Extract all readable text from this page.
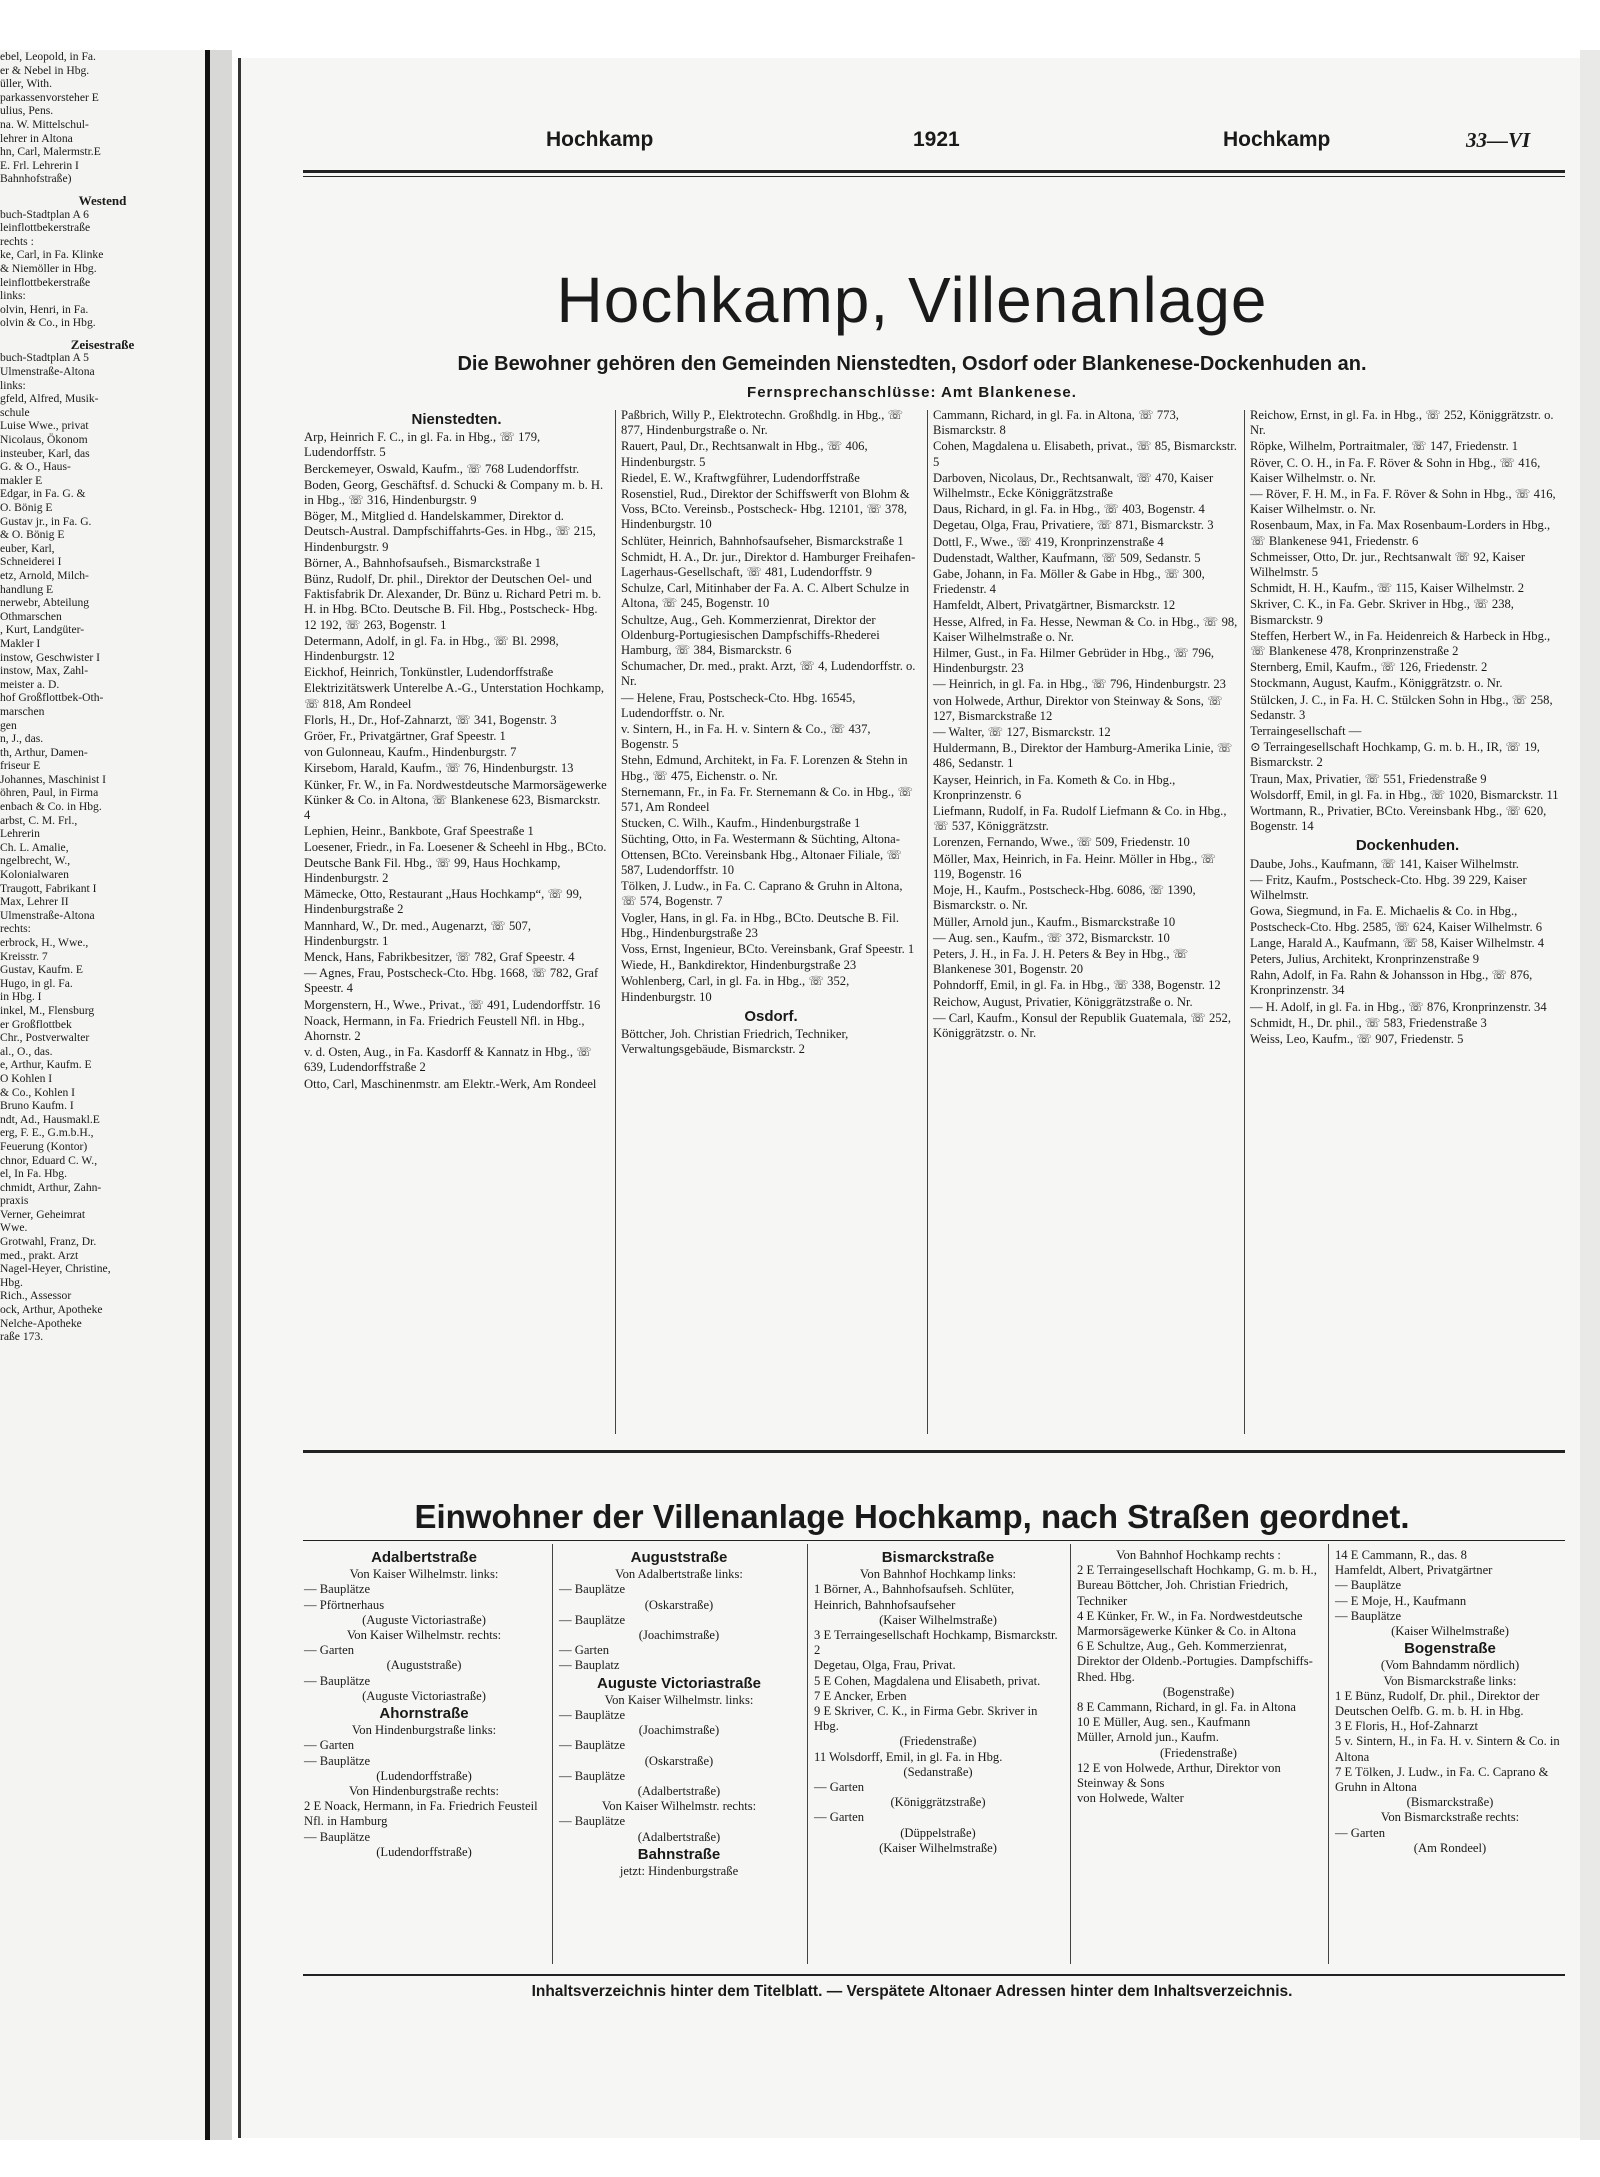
ebel, Leopold, in Fa.
er & Nebel in Hbg.
üller, With.
parkassenvorsteher E
ulius, Pens.
na. W. Mittelschul-
lehrer in Altona
hn, Carl, Malermstr.E
E. Frl. Lehrerin I
Bahnhofstraße)
Westend
buch-Stadtplan A 6
leinflottbekerstraße
rechts :
ke, Carl, in Fa. Klinke
& Niemöller in Hbg.
leinflottbekerstraße
links:
olvin, Henri, in Fa.
olvin & Co., in Hbg.
Zeisestraße
buch-Stadtplan A 5
Ulmenstraße-Altona
links:
gfeld, Alfred, Musik-
schule
Luise Wwe., privat
Nicolaus, Ökonom
insteuber, Karl, das
G. & O., Haus-
makler E
Edgar, in Fa. G. &
O. Bönig E
Gustav jr., in Fa. G.
& O. Bönig E
euber, Karl,
Schneiderei I
etz, Arnold, Milch-
handlung E
nerwebr, Abteilung
Othmarschen
, Kurt, Landgüter-
Makler I
instow, Geschwister I
instow, Max, Zahl-
meister a. D.
hof Großflottbek-Oth-
marschen
gen
n, J., das.
th, Arthur, Damen-
friseur E
Johannes, Maschinist I
öhren, Paul, in Firma
enbach & Co. in Hbg.
arbst, C. M. Frl.,
Lehrerin
Ch. L. Amalie,
ngelbrecht, W.,
Kolonialwaren
Traugott, Fabrikant I
Max, Lehrer II
Ulmenstraße-Altona
rechts:
erbrock, H., Wwe.,
Kreisstr. 7
Gustav, Kaufm. E
Hugo, in gl. Fa.
in Hbg. I
inkel, M., Flensburg
er Großflottbek
Chr., Postverwalter
al., O., das.
e, Arthur, Kaufm. E
O Kohlen I
& Co., Kohlen I
Bruno Kaufm. I
ndt, Ad., Hausmakl.E
erg, F. E., G.m.b.H.,
Feuerung (Kontor)
chnor, Eduard C. W.,
el, In Fa. Hbg.
chmidt, Arthur, Zahn-
praxis
Verner, Geheimrat
Wwe.
Grotwahl, Franz, Dr.
med., prakt. Arzt
Nagel-Heyer, Christine,
Hbg.
Rich., Assessor
ock, Arthur, Apotheke
Nelche-Apotheke
raße 173.
Hochkamp	1921	Hochkamp	33—VI
Hochkamp, Villenanlage
Die Bewohner gehören den Gemeinden Nienstedten, Osdorf oder Blankenese-Dockenhuden an.
Fernsprechanschlüsse: Amt Blankenese.
Nienstedten.
Arp, Heinrich F. C., in gl. Fa. in Hbg., ☏ 179, Ludendorffstr. 5
Berckemeyer, Oswald, Kaufm., ☏ 768 Ludendorffstr.
Boden, Georg, Geschäftsf. d. Schucki & Company m. b. H. in Hbg., ☏ 316, Hindenburgstr. 9
Böger, M., Mitglied d. Handelskammer, Direktor d. Deutsch-Austral. Dampfschiffahrts-Ges. in Hbg., ☏ 215, Hindenburgstr. 9
Börner, A., Bahnhofsaufseh., Bismarckstraße 1
Bünz, Rudolf, Dr. phil., Direktor der Deutschen Oel- und Faktisfabrik Dr. Alexander, Dr. Bünz u. Richard Petri m. b. H. in Hbg. BCto. Deutsche B. Fil. Hbg., Postscheck- Hbg. 12 192, ☏ 263, Bogenstr. 1
Determann, Adolf, in gl. Fa. in Hbg., ☏ Bl. 2998, Hindenburgstr. 12
Eickhof, Heinrich, Tonkünstler, Ludendorffstraße
Elektrizitätswerk Unterelbe A.-G., Unterstation Hochkamp, ☏ 818, Am Rondeel
Florls, H., Dr., Hof-Zahnarzt, ☏ 341, Bogenstr. 3
Gröer, Fr., Privatgärtner, Graf Speestr. 1
von Gulonneau, Kaufm., Hindenburgstr. 7
Kirsebom, Harald, Kaufm., ☏ 76, Hindenburgstr. 13
Künker, Fr. W., in Fa. Nordwestdeutsche Marmorsägewerke Künker & Co. in Altona, ☏ Blankenese 623, Bismarckstr. 4
Lephien, Heinr., Bankbote, Graf Speestraße 1
Loesener, Friedr., in Fa. Loesener & Scheehl in Hbg., BCto. Deutsche Bank Fil. Hbg., ☏ 99, Haus Hochkamp, Hindenburgstr. 2
Mämecke, Otto, Restaurant „Haus Hochkamp“, ☏ 99, Hindenburgstraße 2
Mannhard, W., Dr. med., Augenarzt, ☏ 507, Hindenburgstr. 1
Menck, Hans, Fabrikbesitzer, ☏ 782, Graf Speestr. 4
— Agnes, Frau, Postscheck-Cto. Hbg. 1668, ☏ 782, Graf Speestr. 4
Morgenstern, H., Wwe., Privat., ☏ 491, Ludendorffstr. 16
Noack, Hermann, in Fa. Friedrich Feustell Nfl. in Hbg., Ahornstr. 2
v. d. Osten, Aug., in Fa. Kasdorff & Kannatz in Hbg., ☏ 639, Ludendorffstraße 2
Otto, Carl, Maschinenmstr. am Elektr.-Werk, Am Rondeel
Paßbrich, Willy P., Elektrotechn. Großhdlg. in Hbg., ☏ 877, Hindenburgstraße o. Nr.
Rauert, Paul, Dr., Rechtsanwalt in Hbg., ☏ 406, Hindenburgstr. 5
Riedel, E. W., Kraftwgführer, Ludendorffstraße
Rosenstiel, Rud., Direktor der Schiffswerft von Blohm & Voss, BCto. Vereinsb., Postscheck- Hbg. 12101, ☏ 378, Hindenburgstr. 10
Schlüter, Heinrich, Bahnhofsaufseher, Bismarckstraße 1
Schmidt, H. A., Dr. jur., Direktor d. Hamburger Freihafen-Lagerhaus-Gesellschaft, ☏ 481, Ludendorffstr. 9
Schulze, Carl, Mitinhaber der Fa. A. C. Albert Schulze in Altona, ☏ 245, Bogenstr. 10
Schultze, Aug., Geh. Kommerzienrat, Direktor der Oldenburg-Portugiesischen Dampfschiffs-Rhederei Hamburg, ☏ 384, Bismarckstr. 6
Schumacher, Dr. med., prakt. Arzt, ☏ 4, Ludendorffstr. o. Nr.
— Helene, Frau, Postscheck-Cto. Hbg. 16545, Ludendorffstr. o. Nr.
v. Sintern, H., in Fa. H. v. Sintern & Co., ☏ 437, Bogenstr. 5
Stehn, Edmund, Architekt, in Fa. F. Lorenzen & Stehn in Hbg., ☏ 475, Eichenstr. o. Nr.
Sternemann, Fr., in Fa. Fr. Sternemann & Co. in Hbg., ☏ 571, Am Rondeel
Stucken, C. Wilh., Kaufm., Hindenburgstraße 1
Süchting, Otto, in Fa. Westermann & Süchting, Altona-Ottensen, BCto. Vereinsbank Hbg., Altonaer Filiale, ☏ 587, Ludendorffstr. 10
Tölken, J. Ludw., in Fa. C. Caprano & Gruhn in Altona, ☏ 574, Bogenstr. 7
Vogler, Hans, in gl. Fa. in Hbg., BCto. Deutsche B. Fil. Hbg., Hindenburgstraße 23
Voss, Ernst, Ingenieur, BCto. Vereinsbank, Graf Speestr. 1
Wiede, H., Bankdirektor, Hindenburgstraße 23
Wohlenberg, Carl, in gl. Fa. in Hbg., ☏ 352, Hindenburgstr. 10
Osdorf.
Böttcher, Joh. Christian Friedrich, Techniker, Verwaltungsgebäude, Bismarckstr. 2
Cammann, Richard, in gl. Fa. in Altona, ☏ 773, Bismarckstr. 8
Cohen, Magdalena u. Elisabeth, privat., ☏ 85, Bismarckstr. 5
Darboven, Nicolaus, Dr., Rechtsanwalt, ☏ 470, Kaiser Wilhelmstr., Ecke Königgrätzstraße
Daus, Richard, in gl. Fa. in Hbg., ☏ 403, Bogenstr. 4
Degetau, Olga, Frau, Privatiere, ☏ 871, Bismarckstr. 3
Dottl, F., Wwe., ☏ 419, Kronprinzenstraße 4
Dudenstadt, Walther, Kaufmann, ☏ 509, Sedanstr. 5
Gabe, Johann, in Fa. Möller & Gabe in Hbg., ☏ 300, Friedenstr. 4
Hamfeldt, Albert, Privatgärtner, Bismarckstr. 12
Hesse, Alfred, in Fa. Hesse, Newman & Co. in Hbg., ☏ 98, Kaiser Wilhelmstraße o. Nr.
Hilmer, Gust., in Fa. Hilmer Gebrüder in Hbg., ☏ 796, Hindenburgstr. 23
— Heinrich, in gl. Fa. in Hbg., ☏ 796, Hindenburgstr. 23
von Holwede, Arthur, Direktor von Steinway & Sons, ☏ 127, Bismarckstraße 12
— Walter, ☏ 127, Bismarckstr. 12
Huldermann, B., Direktor der Hamburg-Amerika Linie, ☏ 486, Sedanstr. 1
Kayser, Heinrich, in Fa. Kometh & Co. in Hbg., Kronprinzenstr. 6
Liefmann, Rudolf, in Fa. Rudolf Liefmann & Co. in Hbg., ☏ 537, Königgrätzstr.
Lorenzen, Fernando, Wwe., ☏ 509, Friedenstr. 10
Möller, Max, Heinrich, in Fa. Heinr. Möller in Hbg., ☏ 119, Bogenstr. 16
Moje, H., Kaufm., Postscheck-Hbg. 6086, ☏ 1390, Bismarckstr. o. Nr.
Müller, Arnold jun., Kaufm., Bismarckstraße 10
— Aug. sen., Kaufm., ☏ 372, Bismarckstr. 10
Peters, J. H., in Fa. J. H. Peters & Bey in Hbg., ☏ Blankenese 301, Bogenstr. 20
Pohndorff, Emil, in gl. Fa. in Hbg., ☏ 338, Bogenstr. 12
Reichow, August, Privatier, Königgrätzstraße o. Nr.
— Carl, Kaufm., Konsul der Republik Guatemala, ☏ 252, Königgrätzstr. o. Nr.
Reichow, Ernst, in gl. Fa. in Hbg., ☏ 252, Königgrätzstr. o. Nr.
Röpke, Wilhelm, Portraitmaler, ☏ 147, Friedenstr. 1
Röver, C. O. H., in Fa. F. Röver & Sohn in Hbg., ☏ 416, Kaiser Wilhelmstr. o. Nr.
— Röver, F. H. M., in Fa. F. Röver & Sohn in Hbg., ☏ 416, Kaiser Wilhelmstr. o. Nr.
Rosenbaum, Max, in Fa. Max Rosenbaum-Lorders in Hbg., ☏ Blankenese 941, Friedenstr. 6
Schmeisser, Otto, Dr. jur., Rechtsanwalt ☏ 92, Kaiser Wilhelmstr. 5
Schmidt, H. H., Kaufm., ☏ 115, Kaiser Wilhelmstr. 2
Skriver, C. K., in Fa. Gebr. Skriver in Hbg., ☏ 238, Bismarckstr. 9
Steffen, Herbert W., in Fa. Heidenreich & Harbeck in Hbg., ☏ Blankenese 478, Kronprinzenstraße 2
Sternberg, Emil, Kaufm., ☏ 126, Friedenstr. 2
Stockmann, August, Kaufm., Königgrätzstr. o. Nr.
Stülcken, J. C., in Fa. H. C. Stülcken Sohn in Hbg., ☏ 258, Sedanstr. 3
Terraingesellschaft —
⊙ Terraingesellschaft Hochkamp, G. m. b. H., IR, ☏ 19, Bismarckstr. 2
Traun, Max, Privatier, ☏ 551, Friedenstraße 9
Wolsdorff, Emil, in gl. Fa. in Hbg., ☏ 1020, Bismarckstr. 11
Wortmann, R., Privatier, BCto. Vereinsbank Hbg., ☏ 620, Bogenstr. 14
Dockenhuden.
Daube, Johs., Kaufmann, ☏ 141, Kaiser Wilhelmstr.
— Fritz, Kaufm., Postscheck-Cto. Hbg. 39 229, Kaiser Wilhelmstr.
Gowa, Siegmund, in Fa. E. Michaelis & Co. in Hbg., Postscheck-Cto. Hbg. 2585, ☏ 624, Kaiser Wilhelmstr. 6
Lange, Harald A., Kaufmann, ☏ 58, Kaiser Wilhelmstr. 4
Peters, Julius, Architekt, Kronprinzenstraße 9
Rahn, Adolf, in Fa. Rahn & Johansson in Hbg., ☏ 876, Kronprinzenstr. 34
— H. Adolf, in gl. Fa. in Hbg., ☏ 876, Kronprinzenstr. 34
Schmidt, H., Dr. phil., ☏ 583, Friedenstraße 3
Weiss, Leo, Kaufm., ☏ 907, Friedenstr. 5
Einwohner der Villenanlage Hochkamp, nach Straßen geordnet.
Adalbertstraße
Von Kaiser Wilhelmstr. links:
— Bauplätze
— Pförtnerhaus
(Auguste Victoriastraße)
Von Kaiser Wilhelmstr. rechts:
— Garten
(Auguststraße)
— Bauplätze
(Auguste Victoriastraße)
Ahornstraße
Von Hindenburgstraße links:
— Garten
— Bauplätze
(Ludendorffstraße)
Von Hindenburgstraße rechts:
2 E Noack, Hermann, in Fa. Friedrich Feusteil Nfl. in Hamburg
— Bauplätze
(Ludendorffstraße)
Auguststraße
Von Adalbertstraße links:
— Bauplätze
(Oskarstraße)
— Bauplätze
(Joachimstraße)
— Garten
— Bauplatz
Auguste Victoriastraße
Von Kaiser Wilhelmstr. links:
— Bauplätze
(Joachimstraße)
— Bauplätze
(Oskarstraße)
— Bauplätze
(Adalbertstraße)
Von Kaiser Wilhelmstr. rechts:
— Bauplätze
(Adalbertstraße)
Bahnstraße
jetzt: Hindenburgstraße
Bismarckstraße
Von Bahnhof Hochkamp links:
1 Börner, A., Bahnhofsaufseh. Schlüter, Heinrich, Bahnhofsaufseher
(Kaiser Wilhelmstraße)
3 E Terraingesellschaft Hochkamp, Bismarckstr. 2
Degetau, Olga, Frau, Privat.
5 E Cohen, Magdalena und Elisabeth, privat.
7 E Ancker, Erben
9 E Skriver, C. K., in Firma Gebr. Skriver in Hbg.
(Friedenstraße)
11 Wolsdorff, Emil, in gl. Fa. in Hbg.
(Sedanstraße)
— Garten
(Königgrätzstraße)
— Garten
(Düppelstraße)
(Kaiser Wilhelmstraße)
Von Bahnhof Hochkamp rechts :
2 E Terraingesellschaft Hochkamp, G. m. b. H., Bureau Böttcher, Joh. Christian Friedrich, Techniker
4 E Künker, Fr. W., in Fa. Nordwestdeutsche Marmorsägewerke Künker & Co. in Altona
6 E Schultze, Aug., Geh. Kommerzienrat, Direktor der Oldenb.-Portugies. Dampfschiffs-Rhed. Hbg.
(Bogenstraße)
8 E Cammann, Richard, in gl. Fa. in Altona
10 E Müller, Aug. sen., Kaufmann
Müller, Arnold jun., Kaufm.
(Friedenstraße)
12 E von Holwede, Arthur, Direktor von Steinway & Sons
von Holwede, Walter
14 E Cammann, R., das. 8
Hamfeldt, Albert, Privatgärtner
— Bauplätze
— E Moje, H., Kaufmann
— Bauplätze
(Kaiser Wilhelmstraße)
Bogenstraße
(Vom Bahndamm nördlich)
Von Bismarckstraße links:
1 E Bünz, Rudolf, Dr. phil., Direktor der Deutschen Oelfb. G. m. b. H. in Hbg.
3 E Floris, H., Hof-Zahnarzt
5 v. Sintern, H., in Fa. H. v. Sintern & Co. in Altona
7 E Tölken, J. Ludw., in Fa. C. Caprano & Gruhn in Altona
(Bismarckstraße)
Von Bismarckstraße rechts:
— Garten
(Am Rondeel)
Inhaltsverzeichnis hinter dem Titelblatt. — Verspätete Altonaer Adressen hinter dem Inhaltsverzeichnis.
